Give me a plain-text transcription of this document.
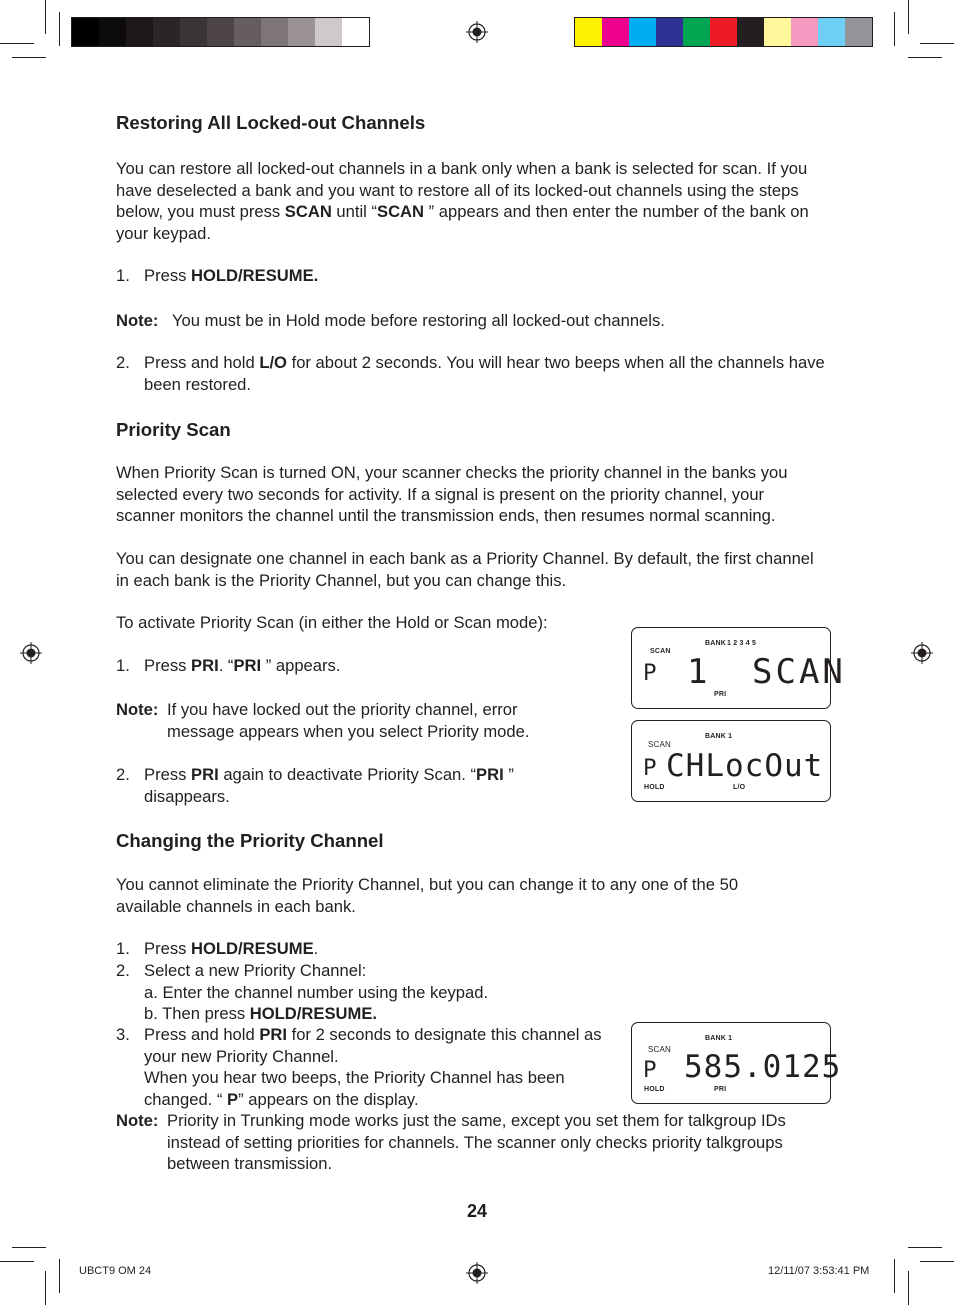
Restoring All Locked-out Channels
You can restore all locked-out channels in a bank only when a bank is selected for scan. If you have deselected a bank and you want to restore all of its locked-out channels using the steps below, you must press SCAN until “SCAN ” appears and then enter the number of the bank on your keypad.
1. Press HOLD/RESUME.
Note: You must be in Hold mode before restoring all locked-out channels.
2. Press and hold L/O for about 2 seconds. You will hear two beeps when all the channels have been restored.
Priority Scan
When Priority Scan is turned ON, your scanner checks the priority channel in the banks you selected every two seconds for activity. If a signal is present on the priority channel, your scanner monitors the channel until the transmission ends, then resumes normal scanning.
You can designate one channel in each bank as a Priority Channel. By default, the first channel in each bank is the Priority Channel, but you can change this.
To activate Priority Scan (in either the Hold or Scan mode):
1. Press PRI. “PRI ” appears.
Note: If you have locked out the priority channel, error message appears when you select Priority mode.
2. Press PRI again to deactivate Priority Scan. “PRI ” disappears.
Changing the Priority Channel
You cannot eliminate the Priority Channel, but you can change it to any one of the 50 available channels in each bank.
1. Press HOLD/RESUME.
2. Select a new Priority Channel:
a. Enter the channel number using the keypad.
b. Then press HOLD/RESUME.
3. Press and hold PRI for 2 seconds to designate this channel as your new Priority Channel.
When you hear two beeps, the Priority Channel has been changed. “ P” appears on the display.
Note: Priority in Trunking mode works just the same, except you set them for talkgroup IDs instead of setting priorities for channels. The scanner only checks priority talkgroups between transmission.
SCAN
BANK 1 2 3 4 5
P 1 SCAN
PRI
BANK 1
SCAN
P CHLocOut
HOLD	L/O
BANK 1
SCAN
P 585.0125
HOLD	PRI
24
UBCT9 OM 24	12/11/07 3:53:41 PM
